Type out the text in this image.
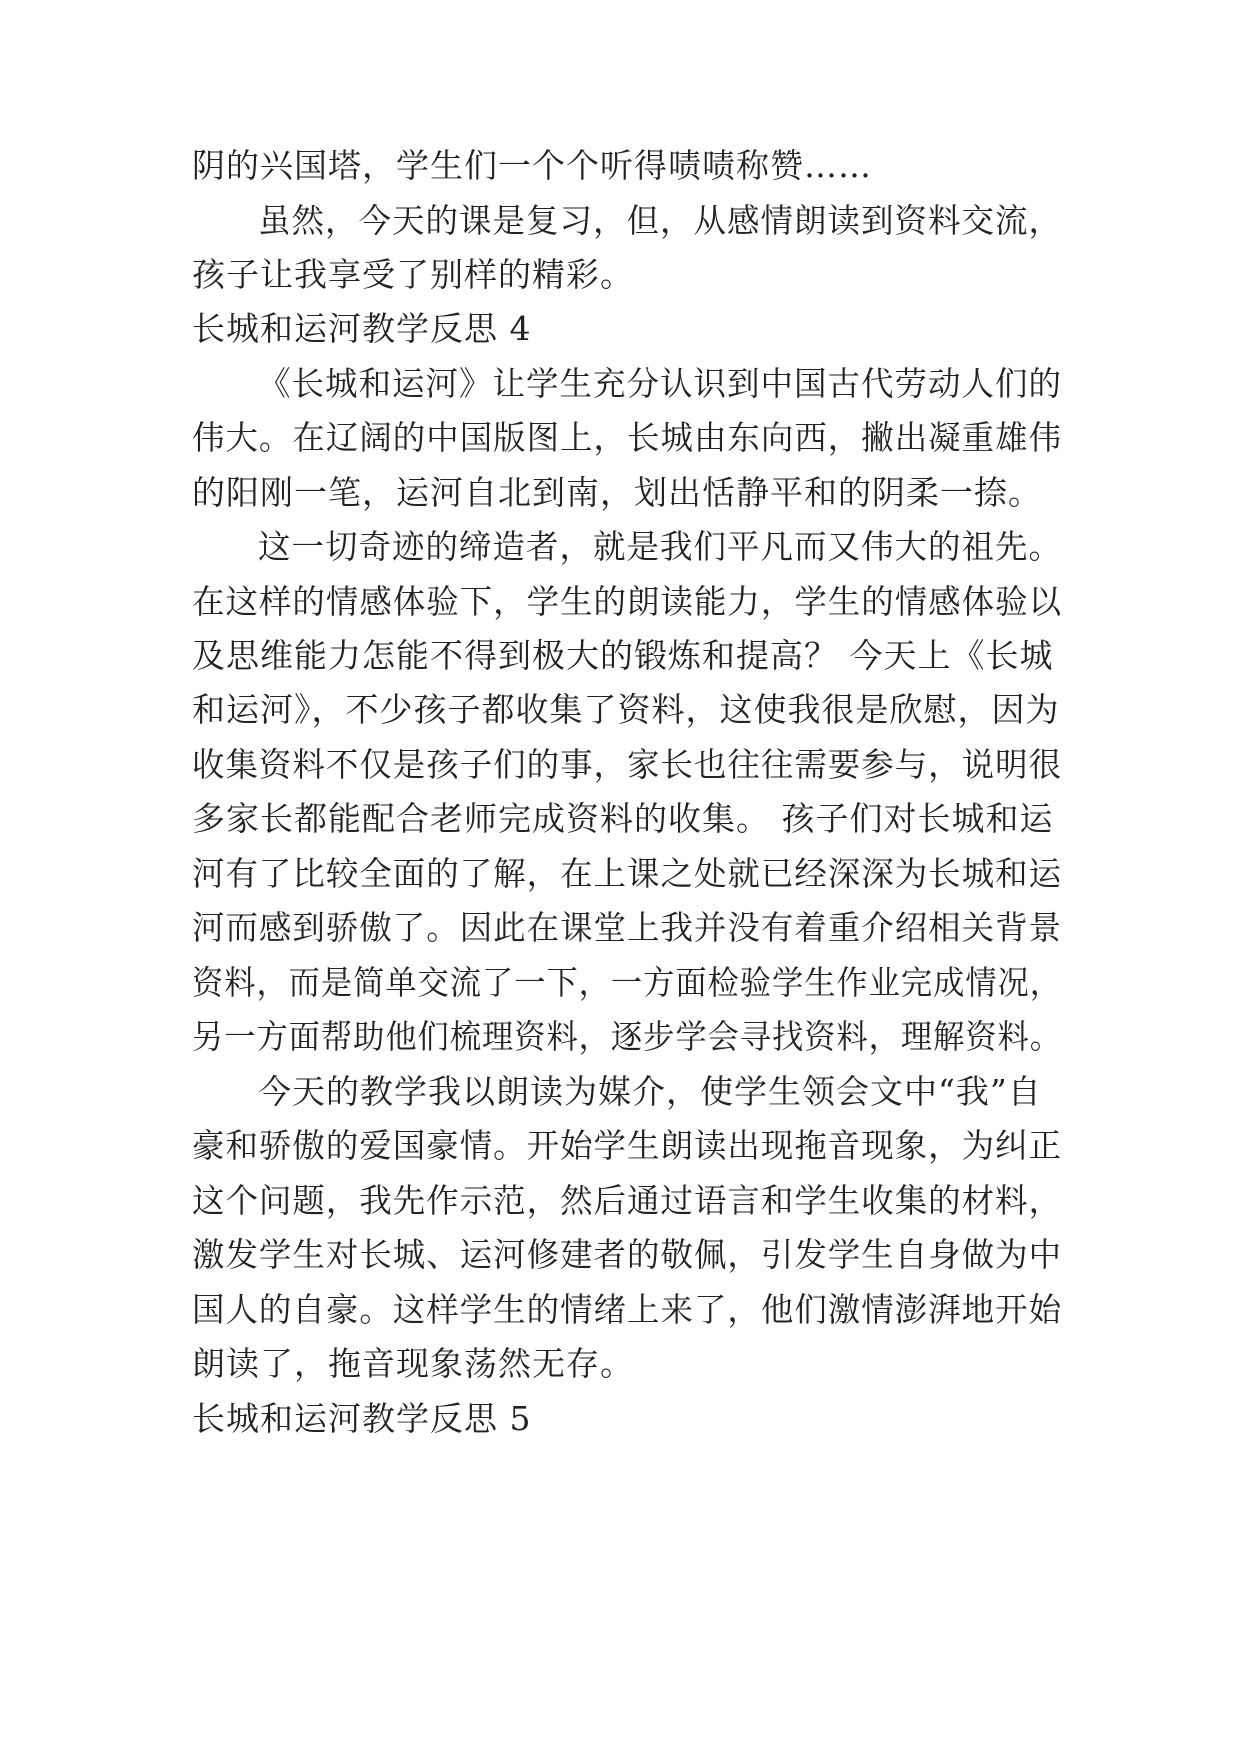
阴的兴国塔，学生们一个个听得啧啧称赞……
虽然，今天的课是复习，但，从感情朗读到资料交流，
孩子让我享受了别样的精彩。
长城和运河教学反思 4
《长城和运河》让学生充分认识到中国古代劳动人们的
伟大。在辽阔的中国版图上，长城由东向西，撇出凝重雄伟
的阳刚一笔，运河自北到南，划出恬静平和的阴柔一捺。
这一切奇迹的缔造者，就是我们平凡而又伟大的祖先。
在这样的情感体验下，学生的朗读能力，学生的情感体验以
及思维能力怎能不得到极大的锻炼和提高？ 今天上《长城
和运河》，不少孩子都收集了资料，这使我很是欣慰，因为
收集资料不仅是孩子们的事，家长也往往需要参与，说明很
多家长都能配合老师完成资料的收集。 孩子们对长城和运
河有了比较全面的了解，在上课之处就已经深深为长城和运
河而感到骄傲了。因此在课堂上我并没有着重介绍相关背景
资料，而是简单交流了一下，一方面检验学生作业完成情况，
另一方面帮助他们梳理资料，逐步学会寻找资料，理解资料。
今天的教学我以朗读为媒介，使学生领会文中“我”自
豪和骄傲的爱国豪情。开始学生朗读出现拖音现象，为纠正
这个问题，我先作示范，然后通过语言和学生收集的材料，
激发学生对长城、运河修建者的敬佩，引发学生自身做为中
国人的自豪。这样学生的情绪上来了，他们激情澎湃地开始
朗读了，拖音现象荡然无存。
长城和运河教学反思 5
